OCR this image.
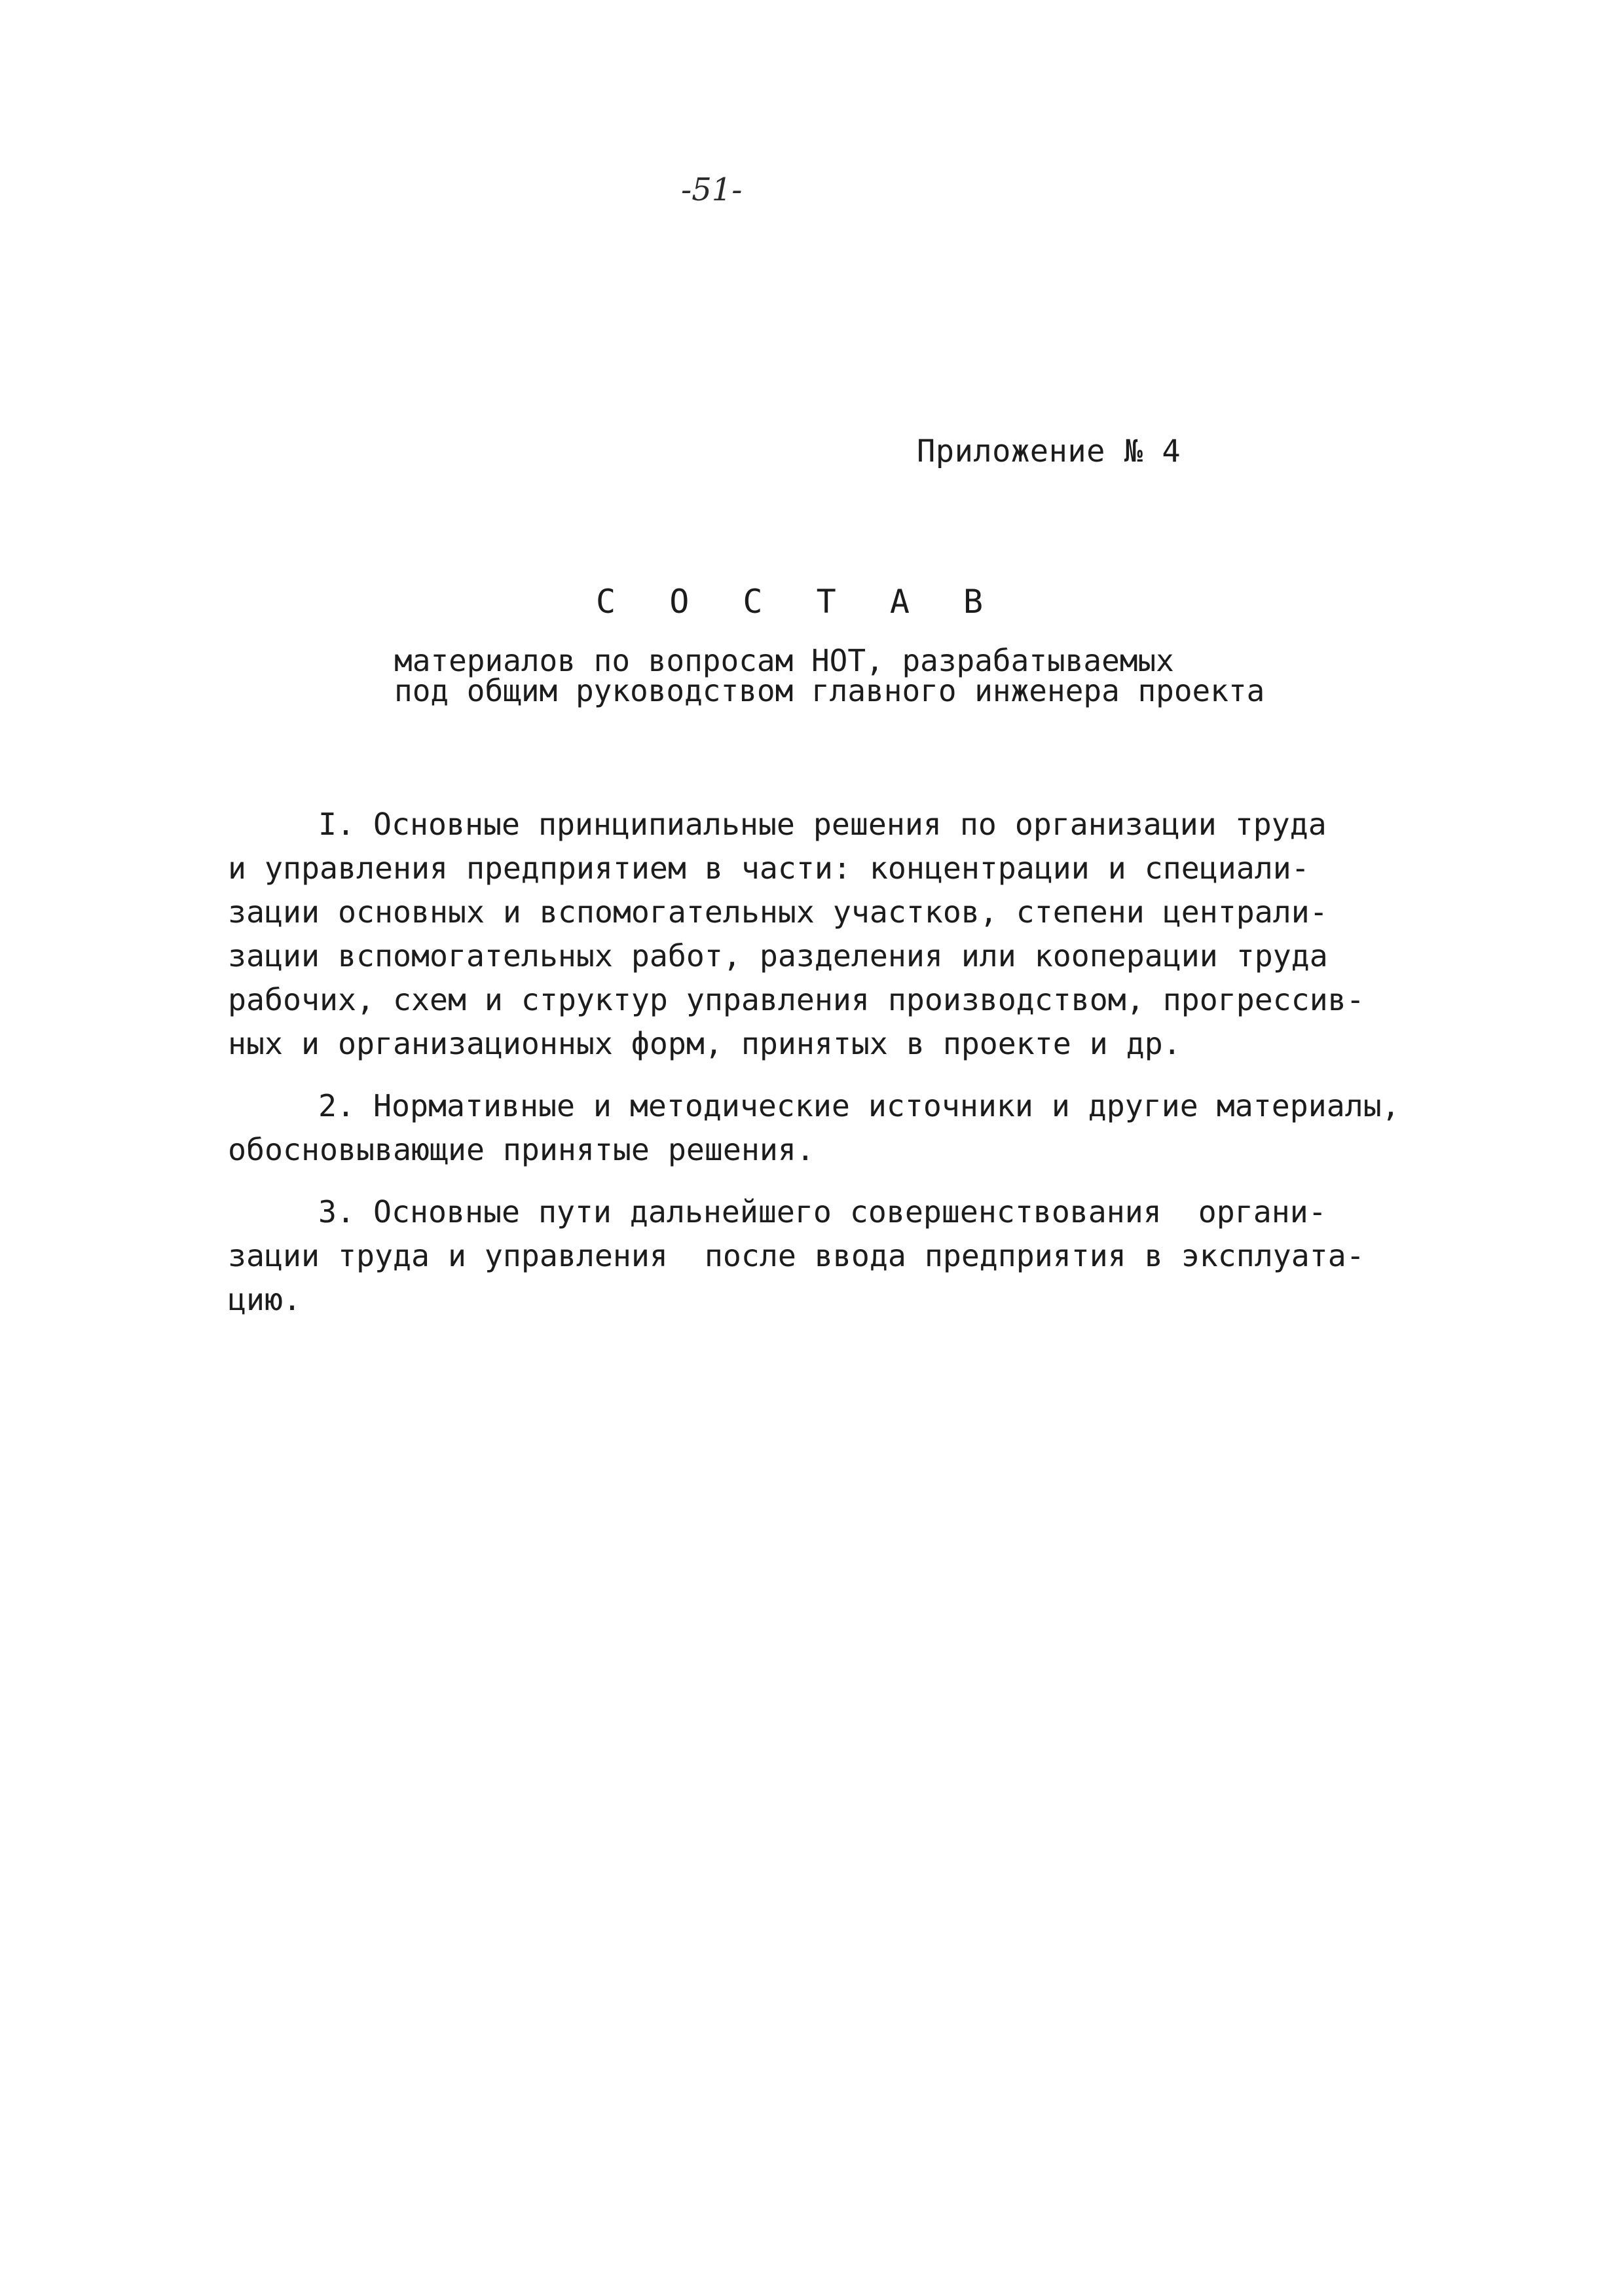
-51-
Приложение № 4
С О С Т А В
материалов по вопросам НОТ, разрабатываемых
под общим руководством главного инженера проекта
I. Основные принципиальные решения по организации труда
и управления предприятием в части: концентрации и специали-
зации основных и вспомогательных участков, степени централи-
зации вспомогательных работ, разделения или кооперации труда
рабочих, схем и структур управления производством, прогрессив-
ных и организационных форм, принятых в проекте и др.
2. Нормативные и методические источники и другие материалы,
обосновывающие принятые решения.
3. Основные пути дальнейшего совершенствования  органи-
зации труда и управления  после ввода предприятия в эксплуата-
цию.
